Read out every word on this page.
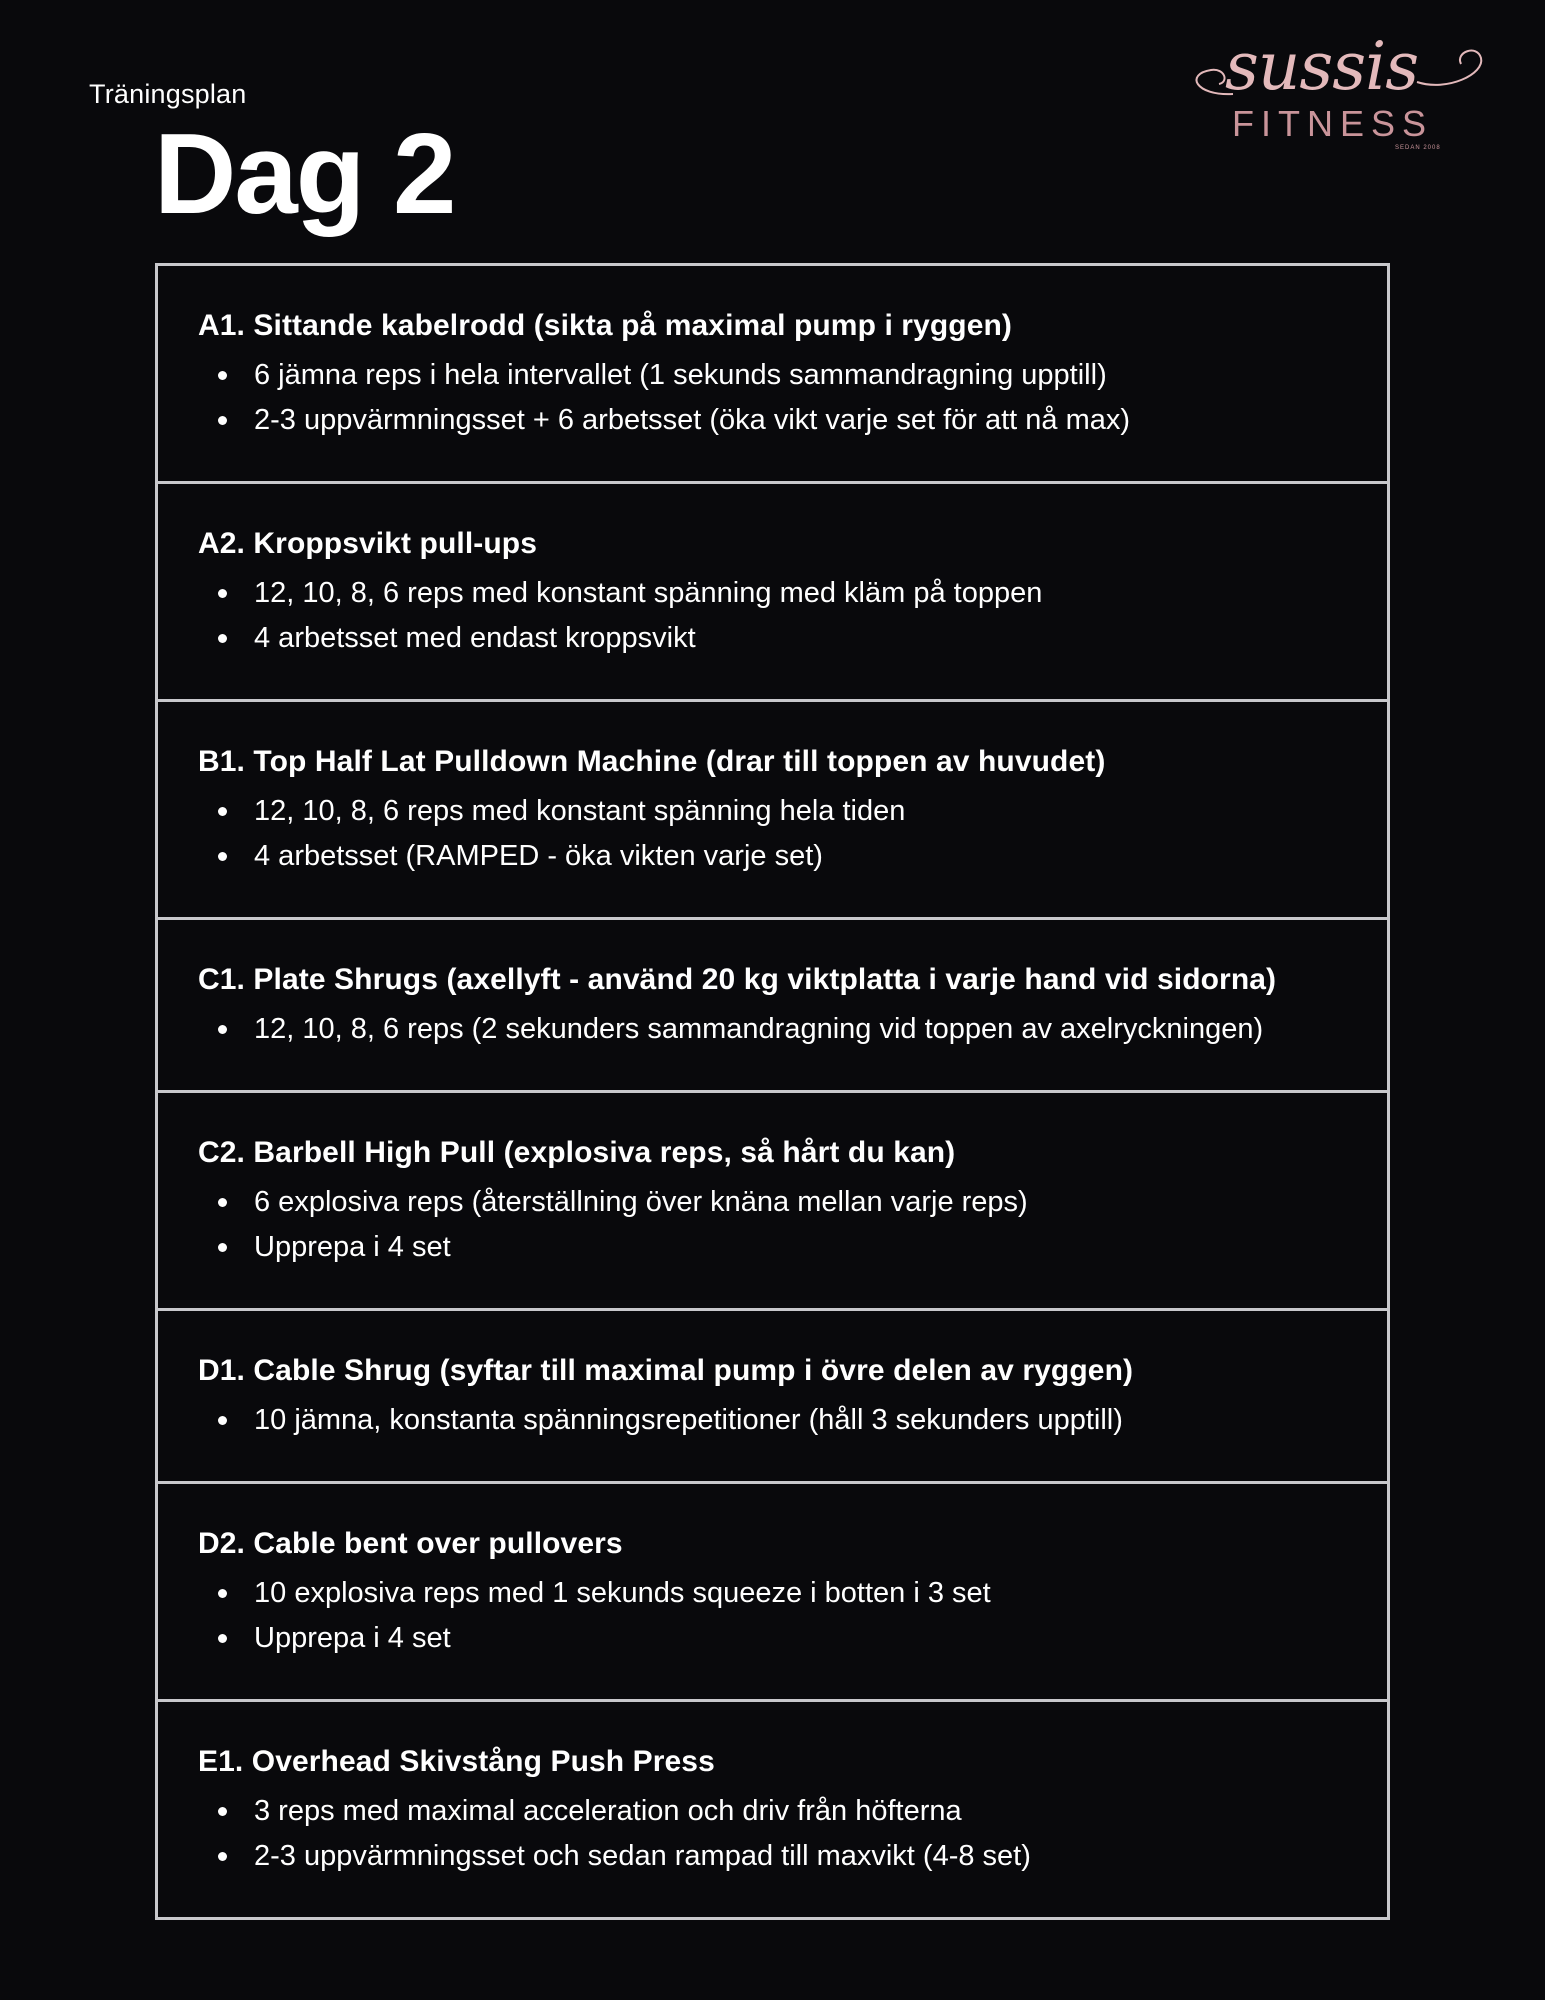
Träningsplan
Dag 2
sussis
FITNESS
SEDAN 2008

A1. Sittande kabelrodd (sikta på maximal pump i ryggen)

6 jämna reps i hela intervallet (1 sekunds sammandragning upptill)
2-3 uppvärmningsset + 6 arbetsset (öka vikt varje set för att nå max)

A2. Kroppsvikt pull-ups

12, 10, 8, 6 reps med konstant spänning med kläm på toppen
4 arbetsset med endast kroppsvikt

B1. Top Half Lat Pulldown Machine (drar till toppen av huvudet)

12, 10, 8, 6 reps med konstant spänning hela tiden
4 arbetsset (RAMPED - öka vikten varje set)

C1. Plate Shrugs (axellyft - använd 20 kg viktplatta i varje hand vid sidorna)

12, 10, 8, 6 reps (2 sekunders sammandragning vid toppen av axelryckningen)

C2. Barbell High Pull (explosiva reps, så hårt du kan)

6 explosiva reps (återställning över knäna mellan varje reps)
Upprepa i 4 set

D1. Cable Shrug (syftar till maximal pump i övre delen av ryggen)

10 jämna, konstanta spänningsrepetitioner (håll 3 sekunders upptill)

D2. Cable bent over pullovers

10 explosiva reps med 1 sekunds squeeze i botten i 3 set
Upprepa i 4 set

E1. Overhead Skivstång Push Press

3 reps med maximal acceleration och driv från höfterna
2-3 uppvärmningsset och sedan rampad till maxvikt (4-8 set)
